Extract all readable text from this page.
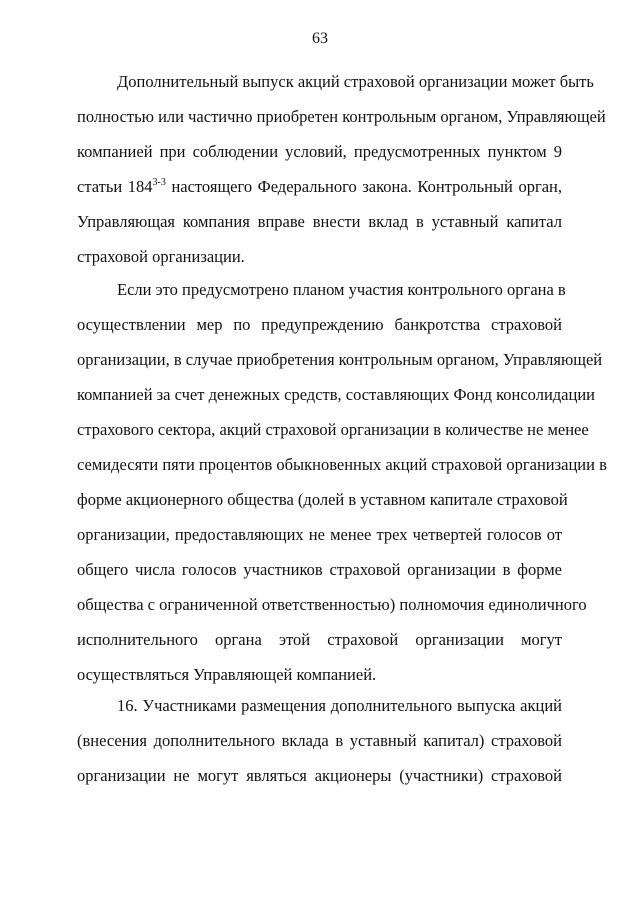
63
Дополнительный выпуск акций страховой организации может быть
полностью или частично приобретен контрольным органом, Управляющей
компанией при соблюдении условий, предусмотренных пунктом 9
статьи 184$^{3-3}$ настоящего Федерального закона. Контрольный орган,
Управляющая компания вправе внести вклад в уставный капитал
страховой организации.
Если это предусмотрено планом участия контрольного органа в
осуществлении мер по предупреждению банкротства страховой
организации, в случае приобретения контрольным органом, Управляющей
компанией за счет денежных средств, составляющих Фонд консолидации
страхового сектора, акций страховой организации в количестве не менее
семидесяти пяти процентов обыкновенных акций страховой организации в
форме акционерного общества (долей в уставном капитале страховой
организации, предоставляющих не менее трех четвертей голосов от
общего числа голосов участников страховой организации в форме
общества с ограниченной ответственностью) полномочия единоличного
исполнительного органа этой страховой организации могут
осуществляться Управляющей компанией.
16. Участниками размещения дополнительного выпуска акций
(внесения дополнительного вклада в уставный капитал) страховой
организации не могут являться акционеры (участники) страховой
